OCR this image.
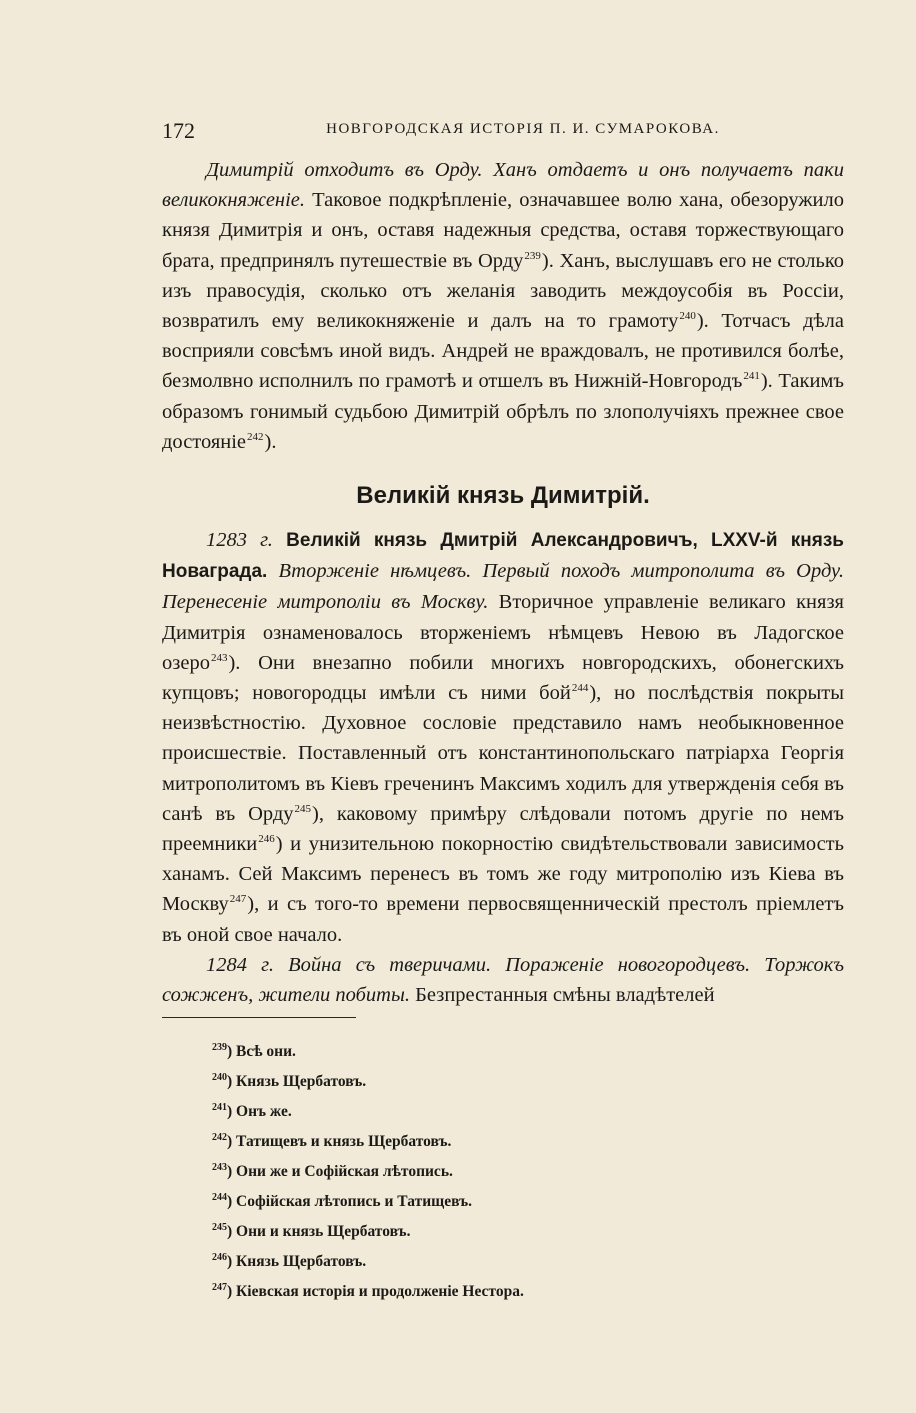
172	НОВГОРОДСКАЯ ИСТОРІЯ П. И. СУМАРОКОВА.

Димитрій отходитъ въ Орду. Ханъ отдаетъ и онъ получаетъ паки великокняженіе. Таковое подкрѣпленіе, означавшее волю хана, обезоружило князя Димитрія и онъ, оставя надежныя средства, оставя торжествующаго брата, предпринялъ путешествіе въ Орду$^{239}$). Ханъ, выслушавъ его не столько изъ правосудія, сколько отъ желанія заводить междоусобія въ Россіи, возвратилъ ему великокняженіе и далъ на то грамоту$^{240}$). Тотчасъ дѣла восприяли совсѣмъ иной видъ. Андрей не враждовалъ, не противился болѣе, безмолвно исполнилъ по грамотѣ и отшелъ въ Нижній-Новгородъ$^{241}$). Такимъ образомъ гонимый судьбою Димитрій обрѣлъ по злополучіяхъ прежнее свое достояніе$^{242}$).

Великій князь Димитрій.

1283 г. Великій князь Дмитрій Александровичъ, LXXV-й князь Новаграда. Вторженіе нѣмцевъ. Первый походъ митрополита въ Орду. Перенесеніе митрополіи въ Москву. Вторичное управленіе великаго князя Димитрія ознаменовалось вторженіемъ нѣмцевъ Невою въ Ладогское озеро$^{243}$). Они внезапно побили многихъ новгородскихъ, обонегскихъ купцовъ; новогородцы имѣли съ ними бой$^{244}$), но послѣдствія покрыты неизвѣстностію. Духовное сословіе представило намъ необыкновенное происшествіе. Поставленный отъ константинопольскаго патріарха Георгія митрополитомъ въ Кіевъ греченинъ Максимъ ходилъ для утвержденія себя въ санѣ въ Орду$^{245}$), каковому примѣру слѣдовали потомъ другіе по немъ преемники$^{246}$) и унизительною покорностію свидѣтельствовали зависимость ханамъ. Сей Максимъ перенесъ въ томъ же году митрополію изъ Кіева въ Москву$^{247}$), и съ того-то времени первосвященническій престолъ пріемлетъ въ оной свое начало.

1284 г. Война съ тверичами. Пораженіе новогородцевъ. Торжокъ сожженъ, жители побиты. Безпрестанныя смѣны владѣтелей

$^{239}$) Всѣ они.
$^{240}$) Князь Щербатовъ.
$^{241}$) Онъ же.
$^{242}$) Татищевъ и князь Щербатовъ.
$^{243}$) Они же и Софійская лѣтопись.
$^{244}$) Софійская лѣтопись и Татищевъ.
$^{245}$) Они и князь Щербатовъ.
$^{246}$) Князь Щербатовъ.
$^{247}$) Кіевская исторія и продолженіе Нестора.
